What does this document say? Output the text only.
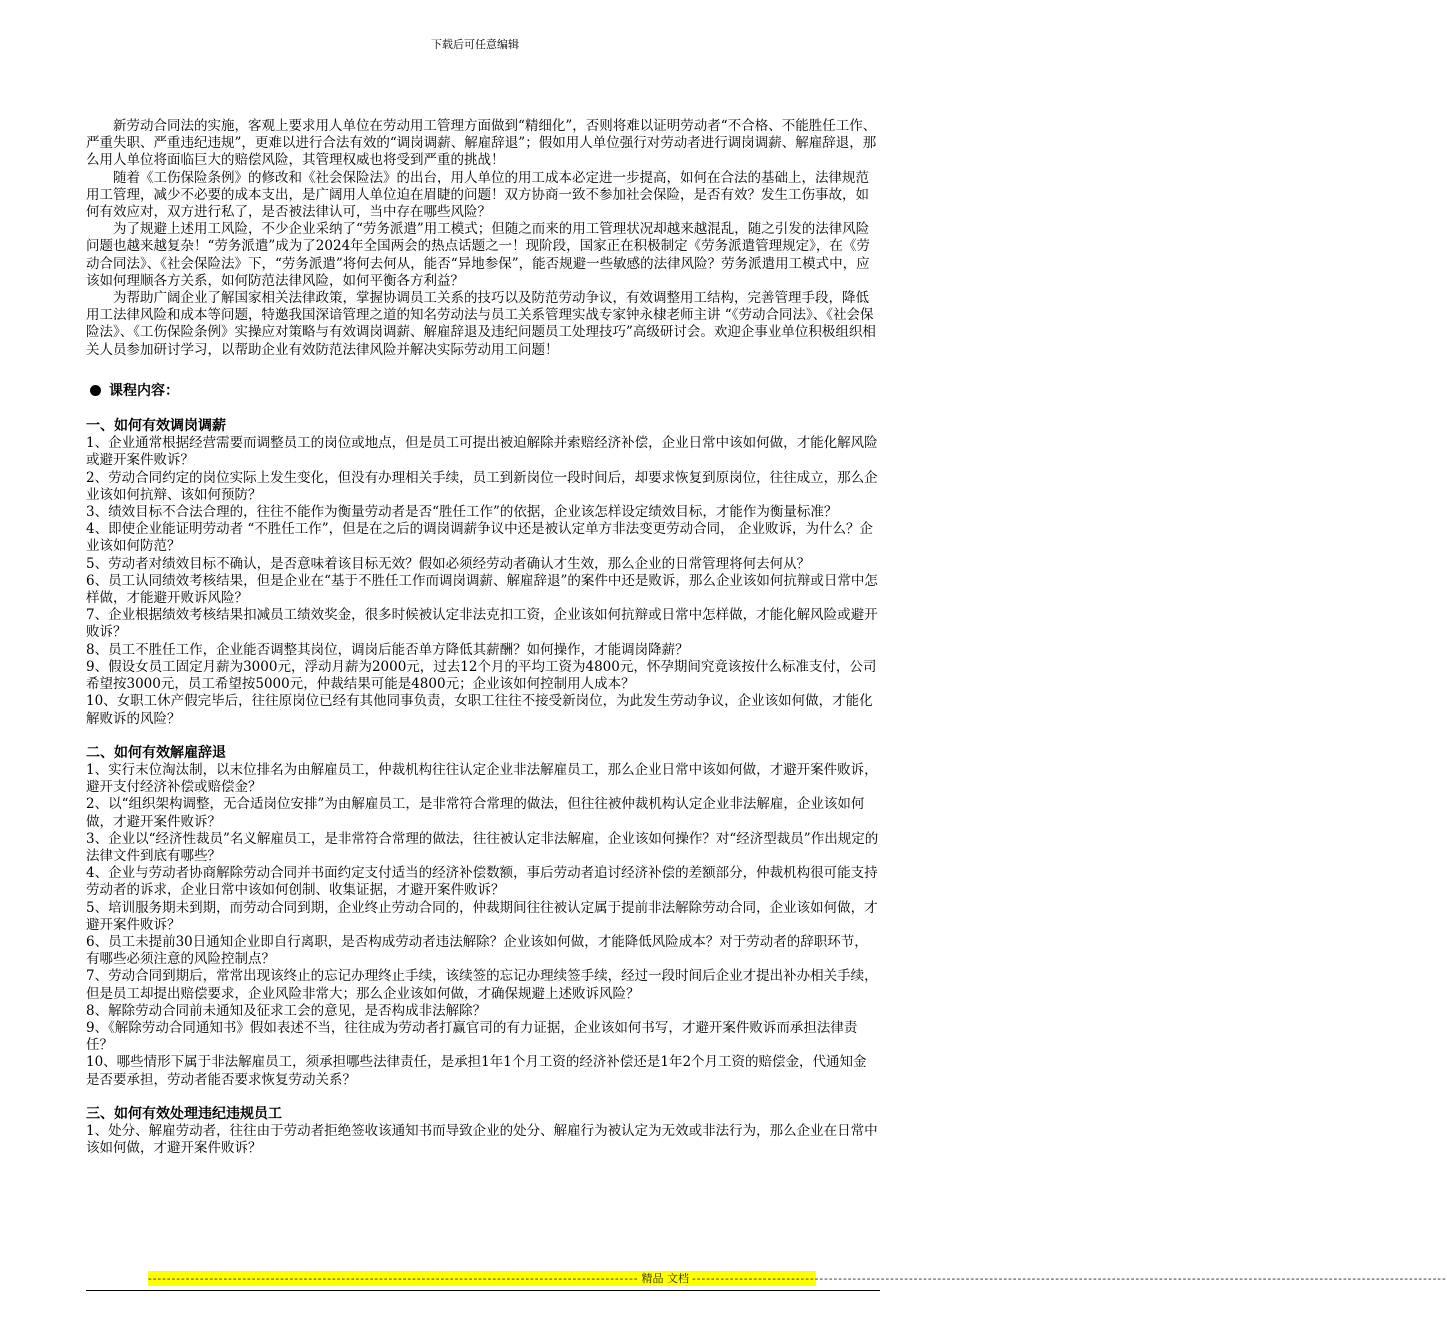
下载后可任意编辑

新劳动合同法的实施，客观上要求用人单位在劳动用工管理方面做到“精细化”，否则将难以证明劳动者“不合格、不能胜任工作、严重失职、严重违纪违规”，更难以进行合法有效的“调岗调薪、解雇辞退”；假如用人单位强行对劳动者进行调岗调薪、解雇辞退，那么用人单位将面临巨大的赔偿风险，其管理权威也将受到严重的挑战！

随着《工伤保险条例》的修改和《社会保险法》的出台，用人单位的用工成本必定进一步提高，如何在合法的基础上，法律规范用工管理，减少不必要的成本支出，是广阔用人单位迫在眉睫的问题！双方协商一致不参加社会保险，是否有效？发生工伤事故，如何有效应对，双方进行私了，是否被法律认可，当中存在哪些风险？

为了规避上述用工风险，不少企业采纳了“劳务派遣”用工模式；但随之而来的用工管理状况却越来越混乱，随之引发的法律风险问题也越来越复杂！“劳务派遣”成为了2024年全国两会的热点话题之一！现阶段，国家正在积极制定《劳务派遣管理规定》，在《劳动合同法》、《社会保险法》下，“劳务派遣”将何去何从，能否“异地参保”，能否规避一些敏感的法律风险？劳务派遣用工模式中，应该如何理顺各方关系，如何防范法律风险，如何平衡各方利益？

为帮助广阔企业了解国家相关法律政策，掌握协调员工关系的技巧以及防范劳动争议，有效调整用工结构，完善管理手段，降低用工法律风险和成本等问题，特邀我国深谙管理之道的知名劳动法与员工关系管理实战专家钟永棣老师主讲 “《劳动合同法》、《社会保险法》、《工伤保险条例》实操应对策略与有效调岗调薪、解雇辞退及违纪问题员工处理技巧”高级研讨会。欢迎企事业单位积极组织相关人员参加研讨学习，以帮助企业有效防范法律风险并解决实际劳动用工问题！

课程内容：

一、如何有效调岗调薪

1、企业通常根据经营需要而调整员工的岗位或地点，但是员工可提出被迫解除并索赔经济补偿，企业日常中该如何做，才能化解风险或避开案件败诉？

2、劳动合同约定的岗位实际上发生变化，但没有办理相关手续，员工到新岗位一段时间后，却要求恢复到原岗位，往往成立，那么企业该如何抗辩、该如何预防？

3、绩效目标不合法合理的，往往不能作为衡量劳动者是否“胜任工作”的依据，企业该怎样设定绩效目标，才能作为衡量标准？

4、即使企业能证明劳动者 “不胜任工作”，但是在之后的调岗调薪争议中还是被认定单方非法变更劳动合同， 企业败诉，为什么？企业该如何防范？

5、劳动者对绩效目标不确认，是否意味着该目标无效？假如必须经劳动者确认才生效，那么企业的日常管理将何去何从？

6、员工认同绩效考核结果，但是企业在“基于不胜任工作而调岗调薪、解雇辞退”的案件中还是败诉，那么企业该如何抗辩或日常中怎样做，才能避开败诉风险？

7、企业根据绩效考核结果扣减员工绩效奖金，很多时候被认定非法克扣工资，企业该如何抗辩或日常中怎样做，才能化解风险或避开败诉？

8、员工不胜任工作，企业能否调整其岗位，调岗后能否单方降低其薪酬？如何操作，才能调岗降薪？

9、假设女员工固定月薪为3000元，浮动月薪为2000元，过去12个月的平均工资为4800元，怀孕期间究竟该按什么标准支付，公司希望按3000元，员工希望按5000元，仲裁结果可能是4800元；企业该如何控制用人成本？

10、女职工休产假完毕后，往往原岗位已经有其他同事负责，女职工往往不接受新岗位，为此发生劳动争议，企业该如何做，才能化解败诉的风险？

二、如何有效解雇辞退

1、实行末位淘汰制，以末位排名为由解雇员工，仲裁机构往往认定企业非法解雇员工，那么企业日常中该如何做，才避开案件败诉，避开支付经济补偿或赔偿金？

2、以“组织架构调整，无合适岗位安排”为由解雇员工，是非常符合常理的做法，但往往被仲裁机构认定企业非法解雇，企业该如何做，才避开案件败诉？

3、企业以“经济性裁员”名义解雇员工，是非常符合常理的做法，往往被认定非法解雇，企业该如何操作？对“经济型裁员”作出规定的法律文件到底有哪些？

4、企业与劳动者协商解除劳动合同并书面约定支付适当的经济补偿数额，事后劳动者追讨经济补偿的差额部分，仲裁机构很可能支持劳动者的诉求，企业日常中该如何创制、收集证据，才避开案件败诉？

5、培训服务期未到期，而劳动合同到期，企业终止劳动合同的，仲裁期间往往被认定属于提前非法解除劳动合同，企业该如何做，才避开案件败诉？

6、员工未提前30日通知企业即自行离职，是否构成劳动者违法解除？企业该如何做，才能降低风险成本？对于劳动者的辞职环节，有哪些必须注意的风险控制点？

7、劳动合同到期后，常常出现该终止的忘记办理终止手续，该续签的忘记办理续签手续，经过一段时间后企业才提出补办相关手续，但是员工却提出赔偿要求，企业风险非常大；那么企业该如何做，才确保规避上述败诉风险？

8、解除劳动合同前未通知及征求工会的意见，是否构成非法解除？

9、《解除劳动合同通知书》假如表述不当，往往成为劳动者打赢官司的有力证据，企业该如何书写，才避开案件败诉而承担法律责任？

10、哪些情形下属于非法解雇员工，须承担哪些法律责任，是承担1年1个月工资的经济补偿还是1年2个月工资的赔偿金，代通知金是否要承担，劳动者能否要求恢复劳动关系？

三、如何有效处理违纪违规员工

1、处分、解雇劳动者，往往由于劳动者拒绝签收该通知书而导致企业的处分、解雇行为被认定为无效或非法行为，那么企业在日常中该如何做，才避开案件败诉？

-------------------------------------------------------------------------------------------------------- 精品 文档 ----------------------------------------------------------------------------------------------------------------------------------------------------------------
